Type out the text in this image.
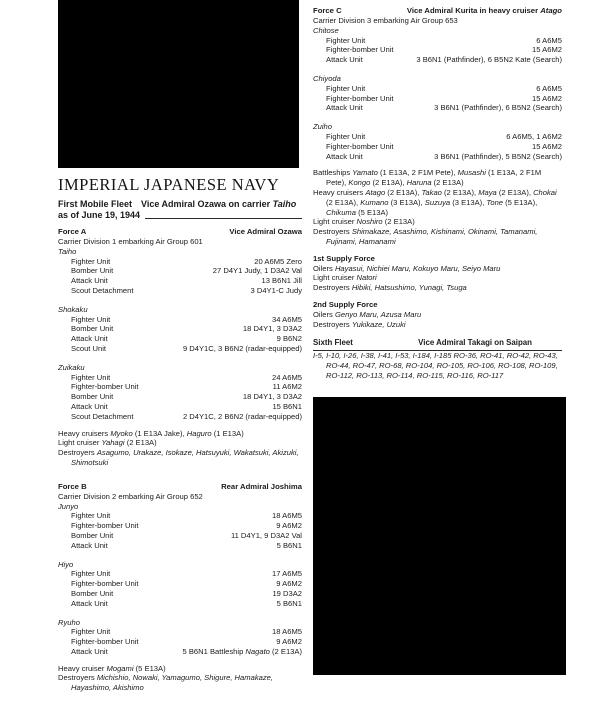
IMPERIAL JAPANESE NAVY
First Mobile Fleet Vice Admiral Ozawa on carrier Taiho
as of June 19, 1944
Force A	Vice Admiral Ozawa
Carrier Division 1 embarking Air Group 601
Taiho
Fighter Unit	20 A6M5 Zero
Bomber Unit	27 D4Y1 Judy, 1 D3A2 Val
Attack Unit	13 B6N1 Jill
Scout Detachment	3 D4Y1-C Judy
Shokaku
Fighter Unit	34 A6M5
Bomber Unit	18 D4Y1, 3 D3A2
Attack Unit	9 B6N2
Scout Unit	9 D4Y1C, 3 B6N2 (radar-equipped)
Zuikaku
Fighter Unit	24 A6M5
Fighter-bomber Unit	11 A6M2
Bomber Unit	18 D4Y1, 3 D3A2
Attack Unit	15 B6N1
Scout Detachment	2 D4Y1C, 2 B6N2 (radar-equipped)
Heavy cruisers Myoko (1 E13A Jake), Haguro (1 E13A)
Light cruiser Yahagi (2 E13A)
Destroyers Asagumo, Urakaze, Isokaze, Hatsuyuki, Wakatsuki, Akizuki, Shimotsuki
Force B	Rear Admiral Joshima
Carrier Division 2 embarking Air Group 652
Junyo
Fighter Unit	18 A6M5
Fighter-bomber Unit	9 A6M2
Bomber Unit	11 D4Y1, 9 D3A2 Val
Attack Unit	5 B6N1
Hiyo
Fighter Unit	17 A6M5
Fighter-bomber Unit	9 A6M2
Bomber Unit	19 D3A2
Attack Unit	5 B6N1
Ryuho
Fighter Unit	18 A6M5
Fighter-bomber Unit	9 A6M2
Attack Unit	5 B6N1 Battleship Nagato (2 E13A)
Heavy cruiser Mogami (5 E13A)
Destroyers Michishio, Nowaki, Yamagumo, Shigure, Hamakaze, Hayashimo, Akishimo
Force C	Vice Admiral Kurita in heavy cruiser Atago
Carrier Division 3 embarking Air Group 653
Chitose
Fighter Unit	6 A6M5
Fighter-bomber Unit	15 A6M2
Attack Unit	3 B6N1 (Pathfinder), 6 B5N2 Kate (Search)
Chiyoda
Fighter Unit	6 A6M5
Fighter-bomber Unit	15 A6M2
Attack Unit	3 B6N1 (Pathfinder), 6 B5N2 (Search)
Zuiho
Fighter Unit	6 A6M5, 1 A6M2
Fighter-bomber Unit	15 A6M2
Attack Unit	3 B6N1 (Pathfinder), 5 B5N2 (Search)
Battleships Yamato (1 E13A, 2 F1M Pete), Musashi (1 E13A, 2 F1M Pete), Kongo (2 E13A), Haruna (2 E13A)
Heavy cruisers Atago (2 E13A), Takao (2 E13A), Maya (2 E13A), Chokai (2 E13A), Kumano (3 E13A), Suzuya (3 E13A), Tone (5 E13A), Chikuma (5 E13A)
Light cruiser Noshiro (2 E13A)
Destroyers Shimakaze, Asashimo, Kishinami, Okinami, Tamanami, Fujinami, Hamanami
1st Supply Force
Oilers Hayasui, Nichiei Maru, Kokuyo Maru, Seiyo Maru
Light cruiser Natori
Destroyers Hibiki, Hatsushimo, Yunagi, Tsuga
2nd Supply Force
Oilers Genyo Maru, Azusa Maru
Destroyers Yukikaze, Uzuki
Sixth Fleet	Vice Admiral Takagi on Saipan
I-5, I-10, I-26, I-38, I-41, I-53, I-184, I-185 RO-36, RO-41, RO-42, RO-43, RO-44, RO-47, RO-68, RO-104, RO-105, RO-106, RO-108, RO-109, RO-112, RO-113, RO-114, RO-115, RO-116, RO-117
